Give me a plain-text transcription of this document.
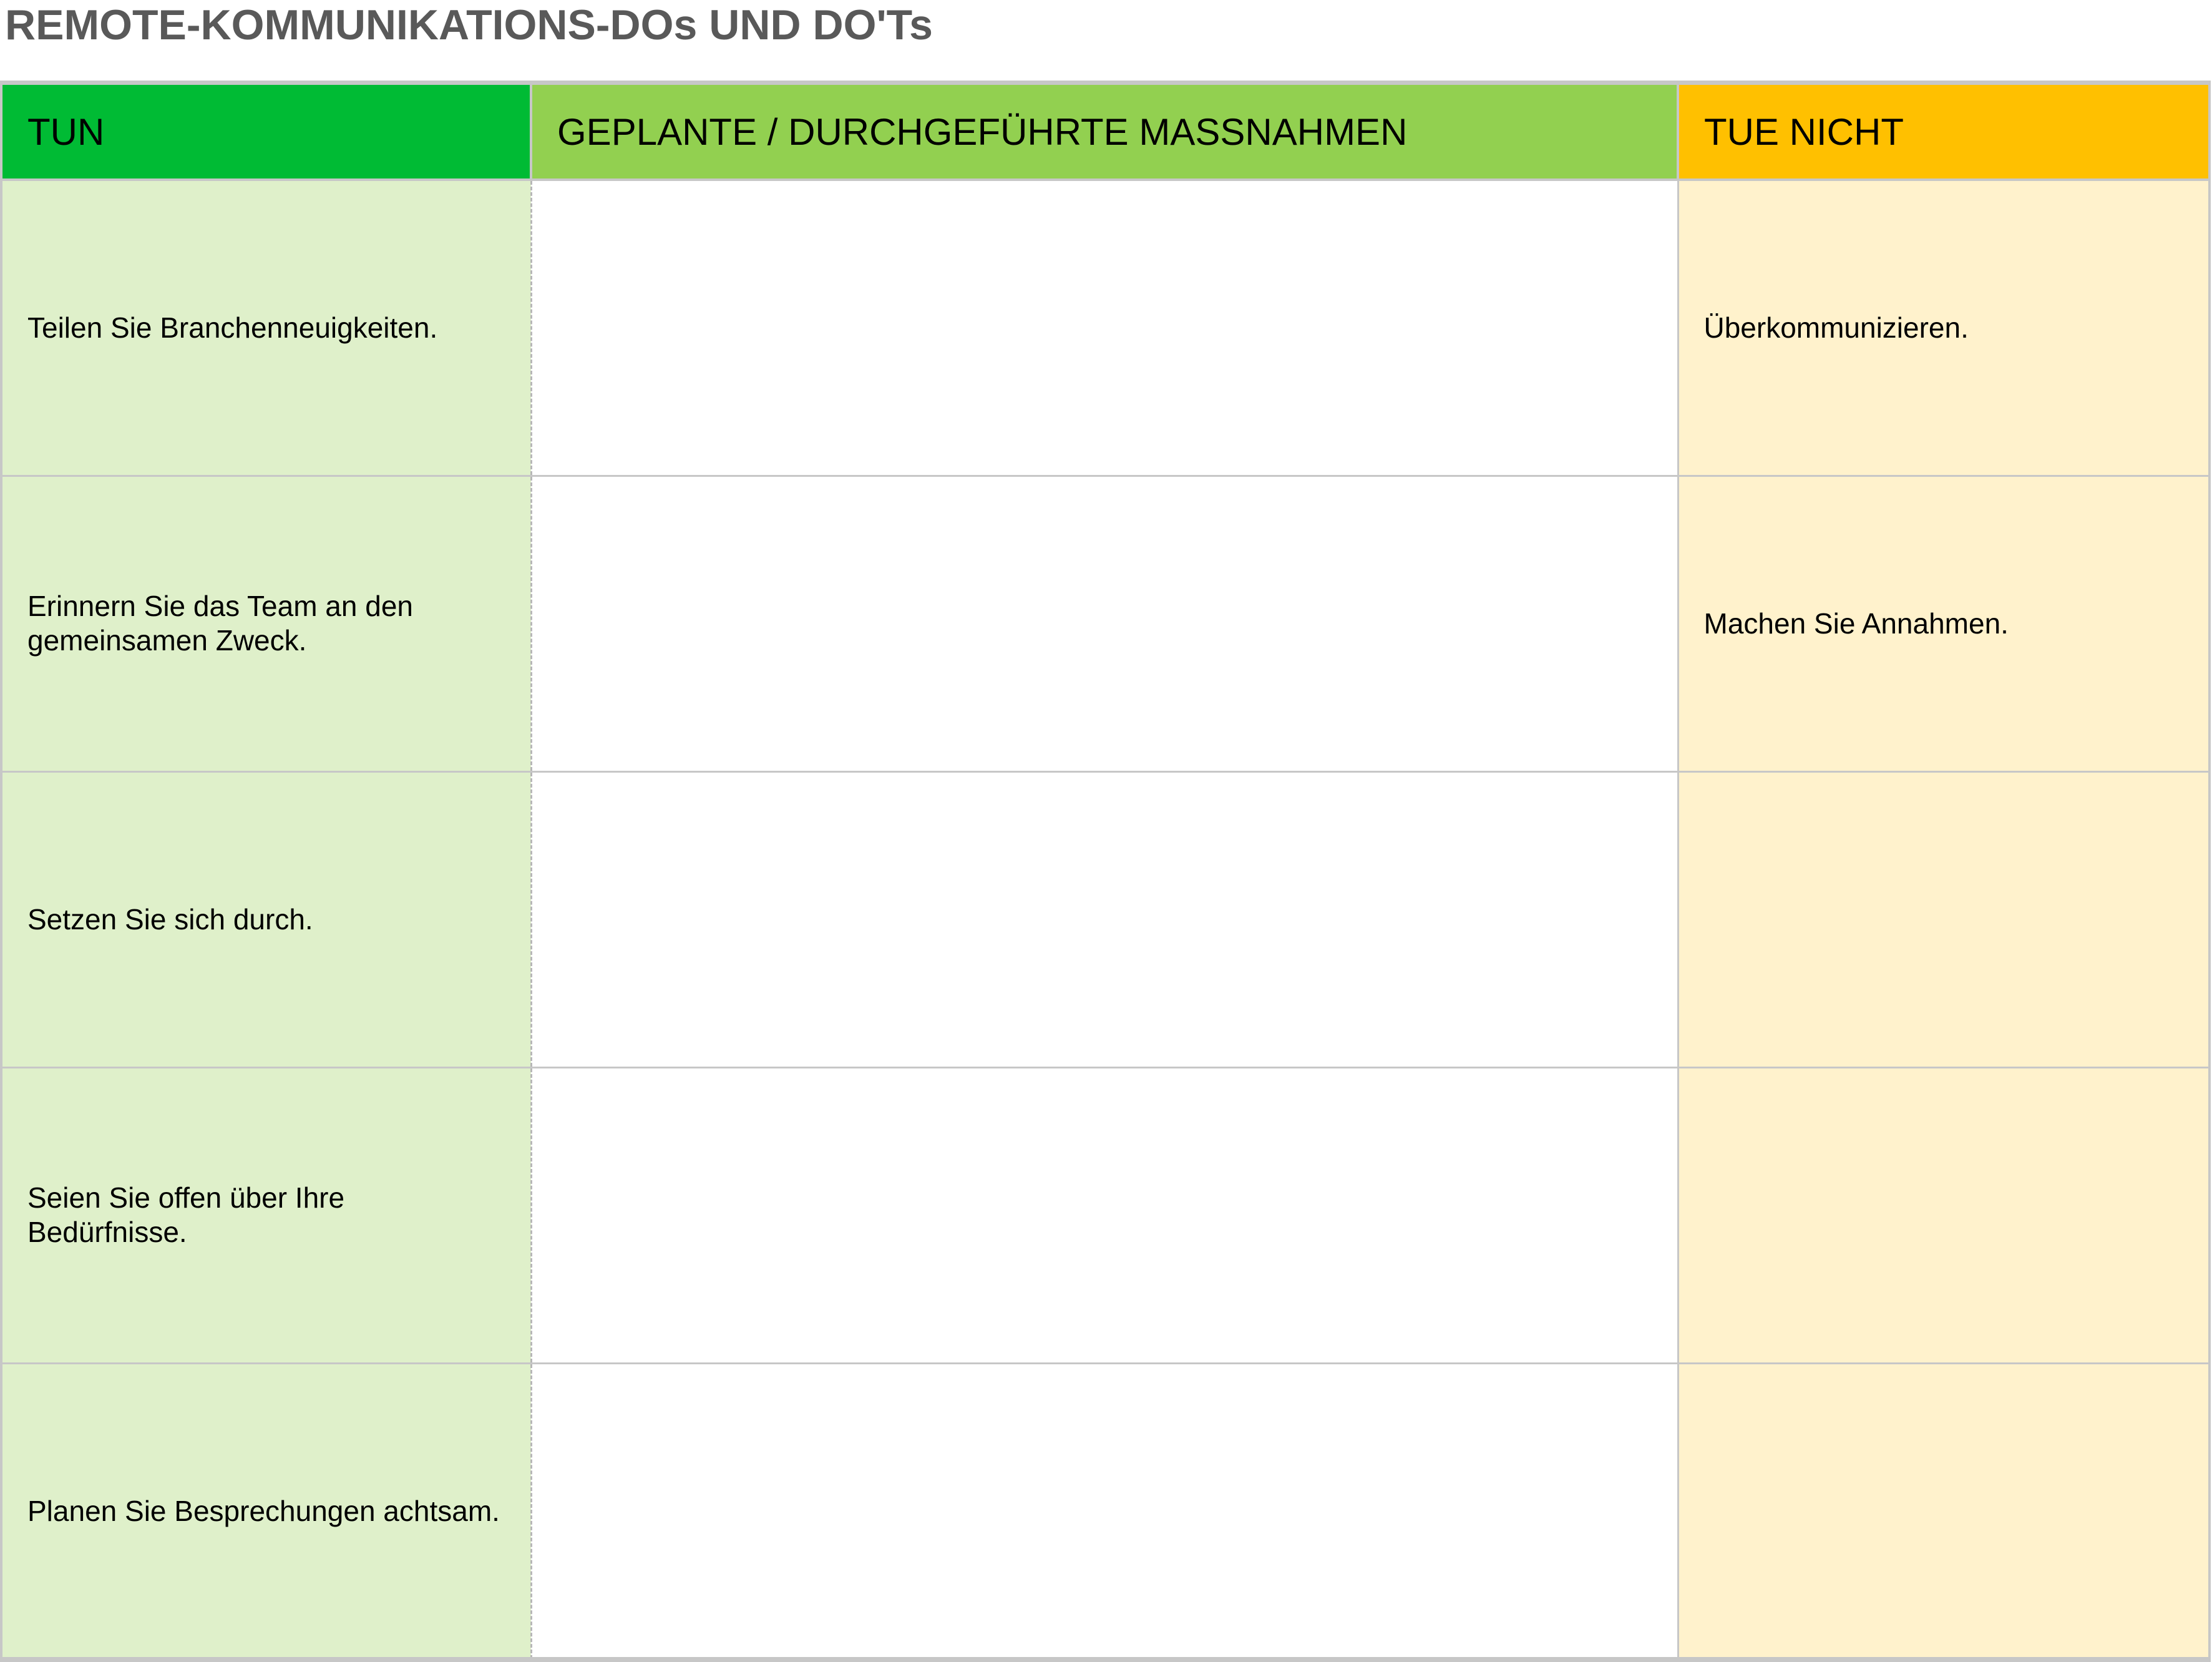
REMOTE-KOMMUNIKATIONS-DOs UND DO'Ts
TUN	GEPLANTE / DURCHGEFÜHRTE MASSNAHMEN	TUE NICHT
Teilen Sie Branchenneuigkeiten.		Überkommunizieren.
Erinnern Sie das Team an den gemeinsamen Zweck.		Machen Sie Annahmen.
Setzen Sie sich durch.		
Seien Sie offen über Ihre Bedürfnisse.		
Planen Sie Besprechungen achtsam.		
